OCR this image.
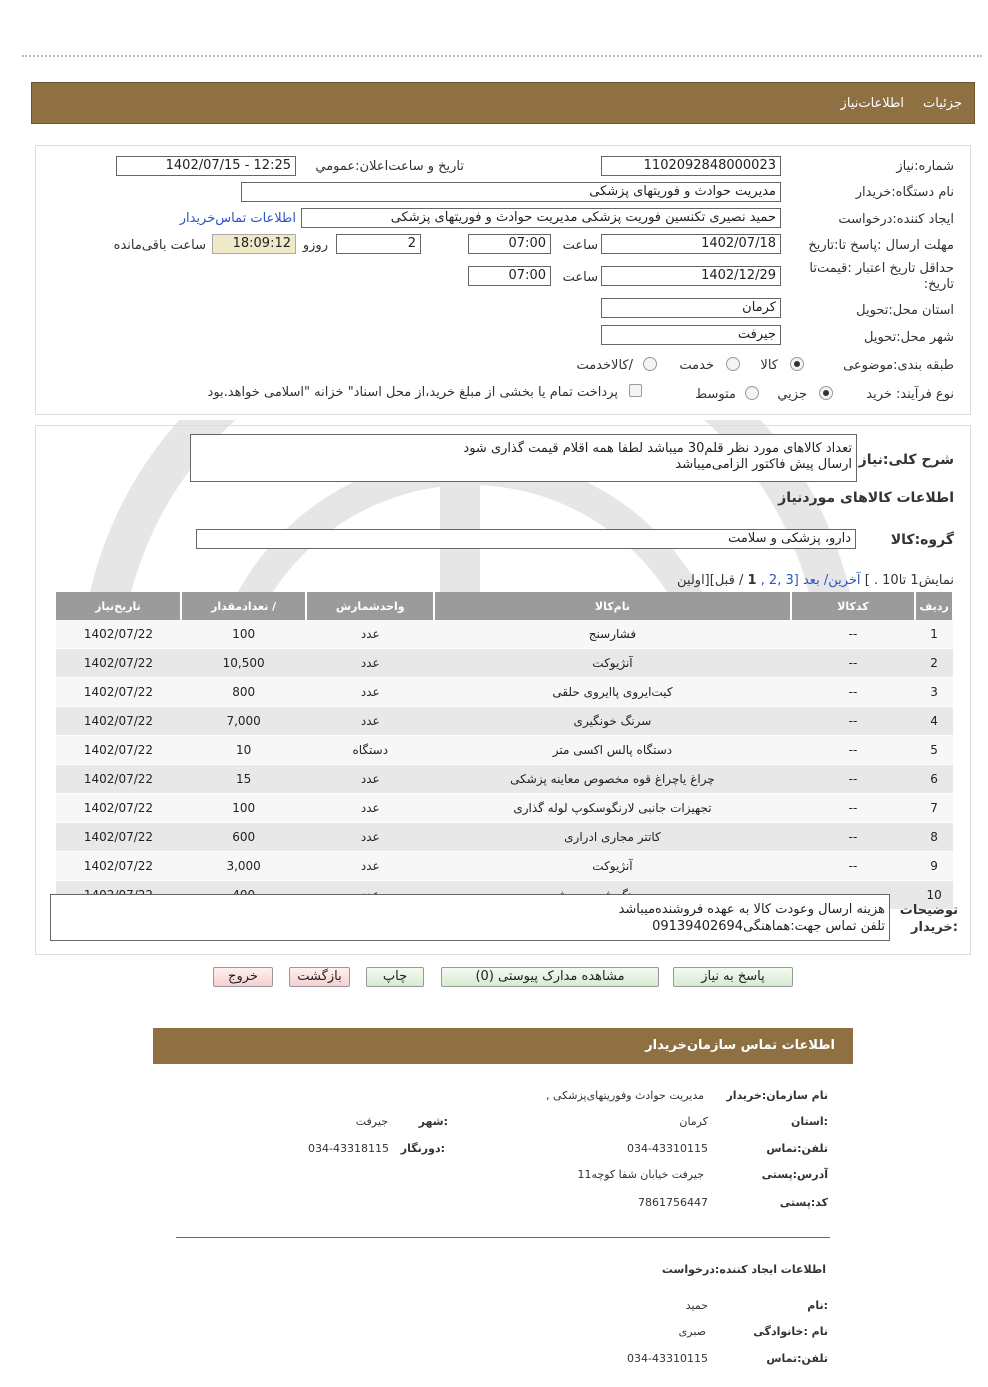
جزئیات
اطلاعات‌نیاز
شماره:نیاز
1102092848000023
تاریخ و ساعت‌اعلان:عمومي
1402/07/15 - 12:25
نام دستگاه:خریدار
مدیریت حوادث و فوریتهای پزشکی
ایجاد کننده:درخواست
حمید نصیری تکنسین فوریت پزشکی مدیریت حوادث و فوریتهای پزشکی
اطلاعات تماس‌خریدار
مهلت ارسال :پاسخ تا:تاریخ
1402/07/18
ساعت
07:00
2
روزو
18:09:12
ساعت باقی‌مانده
حداقل تاریخ اعتبار :قیمت‌تا تاریخ:
1402/12/29
ساعت
07:00
استان محل:تحویل
کرمان
شهر محل:تحویل
جیرفت
طبقه بندی:موضوعی
کالا
خدمت
/کالاخدمت
نوع فرآیند: خرید
جزيي
متوسط
پرداخت تمام یا بخشی از مبلغ خرید،از محل اسناد" خزانه "اسلامی خواهد.بود
شرح کلی:نیاز
تعداد کالاهای مورد نظر قلم30 میباشد لطفا همه اقلام قیمت گذاری شود
ارسال پیش فاکتور الزامی‌میباشد
اطلاعات کالاهای موردنیاز
گروه:کالا
دارو، پزشکی و سلامت
نمایش1 تا10 . ] آخرین/ بعد [3 ,2 , 1 / قبل][اولین
ردیف	کدکالا	نام‌کالا	واحدشمارش	/ تعدادمقدار	تاریخ‌نیاز
1	--	فشارسنج	عدد	100	1402/07/22
2	--	آنژیوکت	عدد	10,500	1402/07/22
3	--	کیت‌ایروی پاایروی حلقی	عدد	800	1402/07/22
4	--	سرنگ خونگیری	عدد	7,000	1402/07/22
5	--	دستگاه پالس اکسی متر	دستگاه	10	1402/07/22
6	--	چراغ یاچراغ قوه مخصوص معاینه پزشکی	عدد	15	1402/07/22
7	--	تجهیزات جانبی لارنگوسکوپ لوله گذاری	عدد	100	1402/07/22
8	--	کاتتر مجاری ادراری	عدد	600	1402/07/22
9	--	آنژیوکت	عدد	3,000	1402/07/22
10					
توضیحات
:خریدار
هزینه ارسال وعودت کالا به عهده فروشنده‌میباشد
تلفن تماس جهت:هماهنگی09139402694
پاسخ به نیاز
مشاهده مدارک پیوستی (0)
چاپ
بازگشت
خروج
اطلاعات تماس سازمان‌خریدار
نام سازمان:خریدار
مدیریت حوادث وفوریتهای‌پزشکی ,
:استان
کرمان
:شهر
جیرفت
تلفن:تماس
034-43310115
:دورنگار
034-43318115
آدرس:پستی
جیرفت خیابان شفا کوچه11
کد:پستی
7861756447
اطلاعات ایجاد کننده:درخواست
:نام
حمید
نام :خانوادگی
صبری
تلفن:تماس
034-43310115
